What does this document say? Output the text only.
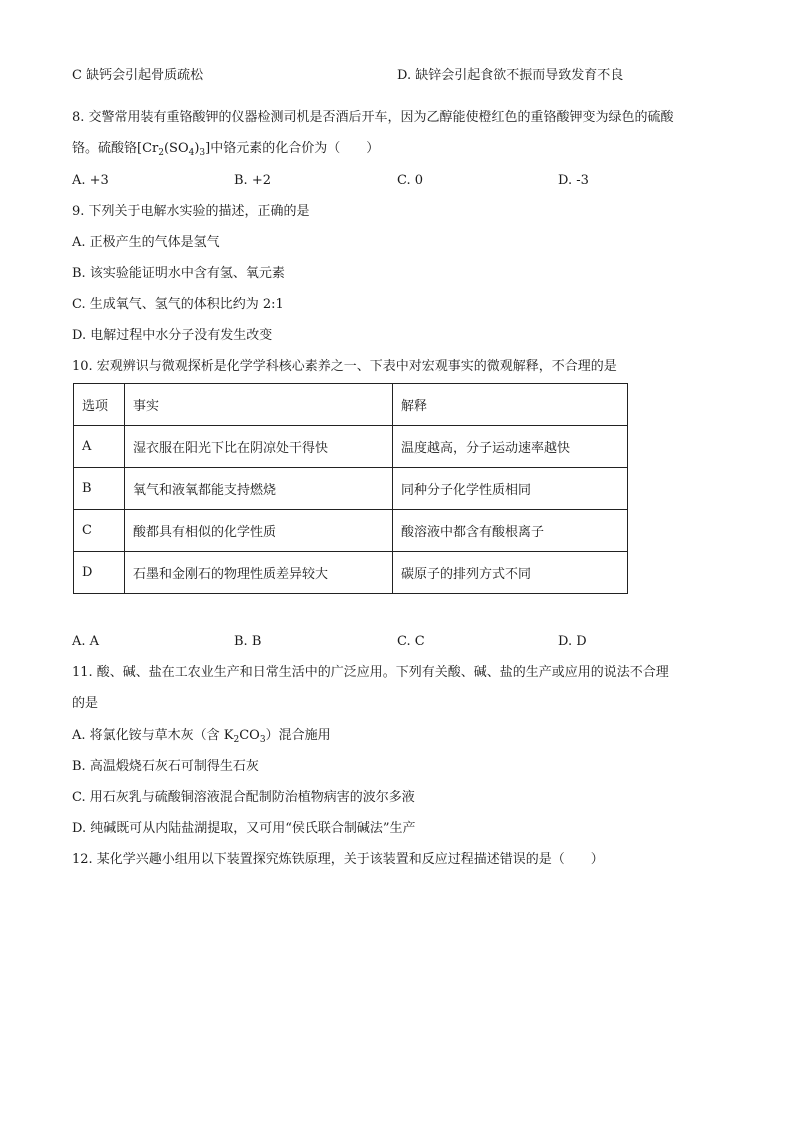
C 缺钙会引起骨质疏松	D. 缺锌会引起食欲不振而导致发育不良
8. 交警常用装有重铬酸钾的仪器检测司机是否酒后开车，因为乙醇能使橙红色的重铬酸钾变为绿色的硫酸
铬。硫酸铬$[Cr_2(SO_4)_3]$中铬元素的化合价为（　　）
A. +3	B. +2	C. 0	D. -3
9. 下列关于电解水实验的描述，正确的是
A. 正极产生的气体是氢气
B. 该实验能证明水中含有氢、氧元素
C. 生成氧气、氢气的体积比约为 2:1
D. 电解过程中水分子没有发生改变
10. 宏观辨识与微观探析是化学学科核心素养之一、下表中对宏观事实的微观解释，不合理的是
选项	事实	解释
A	湿衣服在阳光下比在阴凉处干得快	温度越高，分子运动速率越快
B	氧气和液氧都能支持燃烧	同种分子化学性质相同
C	酸都具有相似的化学性质	酸溶液中都含有酸根离子
D	石墨和金刚石的物理性质差异较大	碳原子的排列方式不同
A. A	B. B	C. C	D. D
11. 酸、碱、盐在工农业生产和日常生活中的广泛应用。下列有关酸、碱、盐的生产或应用的说法不合理
的是
A. 将氯化铵与草木灰（含 $K_2CO_3$）混合施用
B. 高温煅烧石灰石可制得生石灰
C. 用石灰乳与硫酸铜溶液混合配制防治植物病害的波尔多液
D. 纯碱既可从内陆盐湖提取，又可用“侯氏联合制碱法”生产
12. 某化学兴趣小组用以下装置探究炼铁原理，关于该装置和反应过程描述错误的是（　　）
